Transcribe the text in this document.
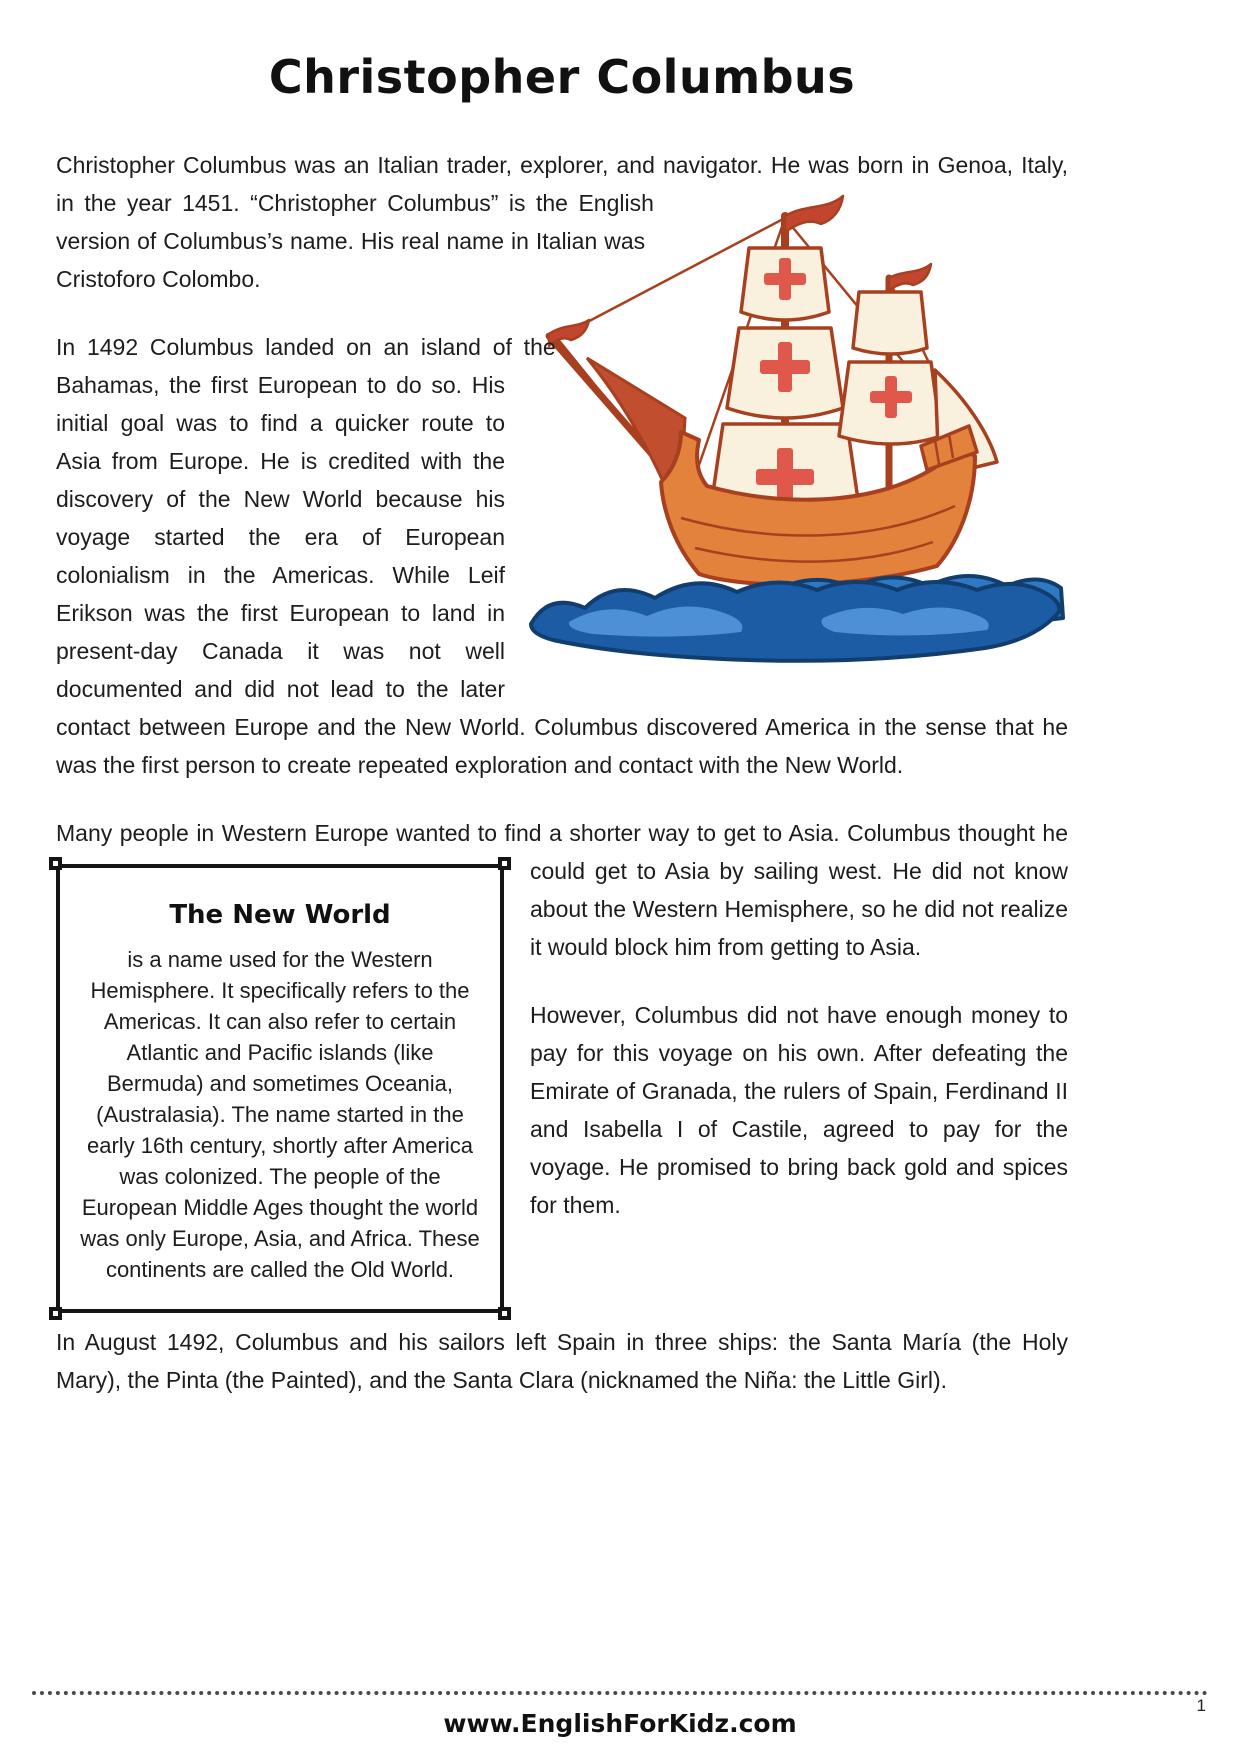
Christopher Columbus

Christopher Columbus was an Italian trader, explorer, and navigator. He was born in Genoa, Italy, in the year 1451. “Christopher Columbus” is the English version of Columbus’s name. His real name in Italian was Cristoforo Colombo.

In 1492 Columbus landed on an island of the Bahamas, the first European to do so. His initial goal was to find a quicker route to Asia from Europe. He is credited with the discovery of the New World because his voyage started the era of European colonialism in the Americas. While Leif Erikson was the first European to land in present-day Canada it was not well documented and did not lead to the later contact between Europe and the New World. Columbus discovered America in the sense that he was the first person to create repeated exploration and contact with the New World.

Many people in Western Europe wanted to find a shorter way to get to Asia.
The New World
is a name used for the Western Hemisphere. It specifically refers to the Americas. It can also refer to certain Atlantic and Pacific islands (like Bermuda) and sometimes Oceania, (Australasia). The name started in the early 16th century, shortly after America was colonized. The people of the European Middle Ages thought the world was only Europe, Asia, and Africa. These continents are called the Old World.
Columbus thought he could get to Asia by sailing west. He did not know about the Western Hemisphere, so he did not realize it would block him from getting to Asia.

However, Columbus did not have enough money to pay for this voyage on his own. After defeating the Emirate of Granada, the rulers of Spain, Ferdinand II and Isabella I of Castile, agreed to pay for the voyage. He promised to bring back gold and spices for them.

In August 1492, Columbus and his sailors left Spain in three ships: the Santa María (the Holy Mary), the Pinta (the Painted), and the Santa Clara (nicknamed the Niña: the Little Girl).

1
www.EnglishForKidz.com
